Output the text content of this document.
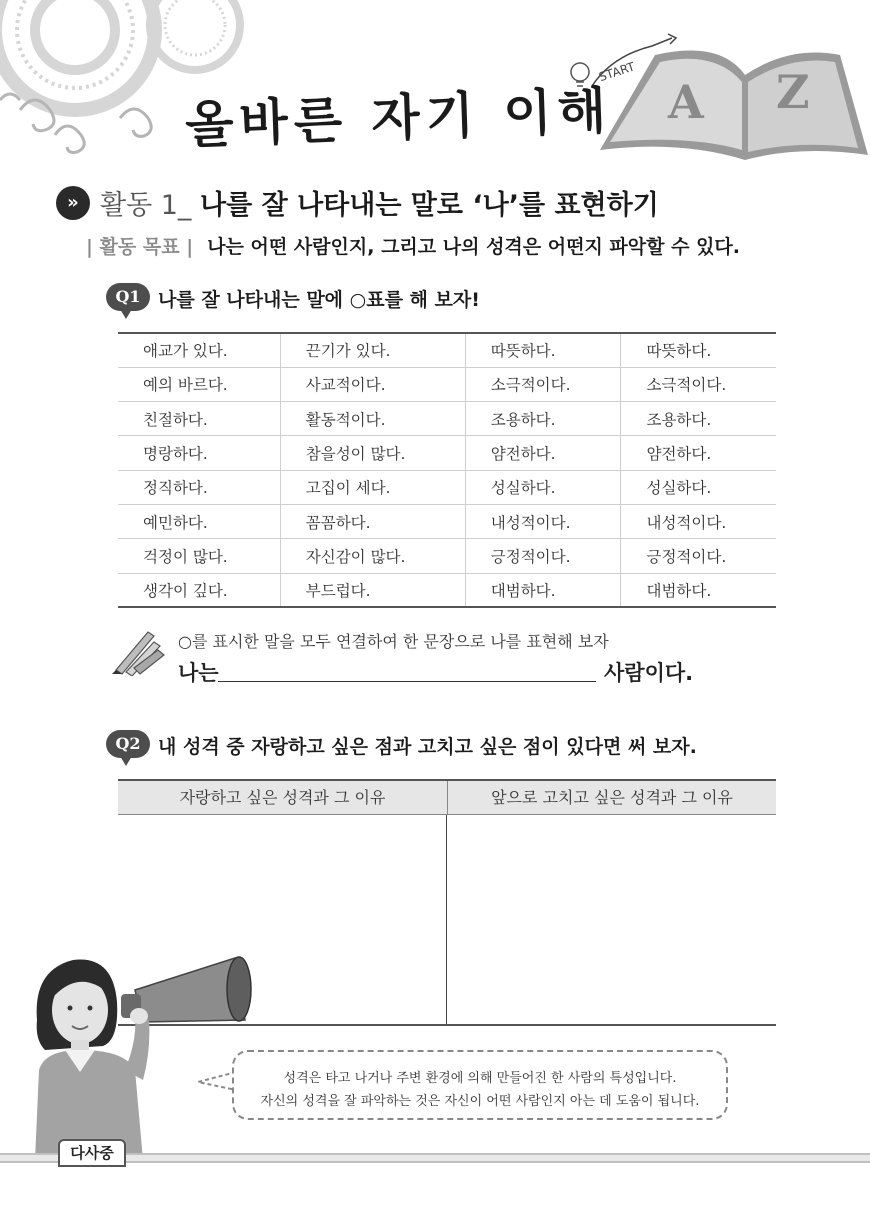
START
A Z
올바른 자기 이해
» 활동 1_ 나를 잘 나타내는 말로 ‘나’를 표현하기
| 활동 목표 | 나는 어떤 사람인지, 그리고 나의 성격은 어떤지 파악할 수 있다.
Q1 나를 잘 나타내는 말에 ○표를 해 보자!
애교가 있다.	끈기가 있다.	따뜻하다.	따뜻하다.
예의 바르다.	사교적이다.	소극적이다.	소극적이다.
친절하다.	활동적이다.	조용하다.	조용하다.
명랑하다.	참을성이 많다.	얌전하다.	얌전하다.
정직하다.	고집이 세다.	성실하다.	성실하다.
예민하다.	꼼꼼하다.	내성적이다.	내성적이다.
걱정이 많다.	자신감이 많다.	긍정적이다.	긍정적이다.
생각이 깊다.	부드럽다.	대범하다.	대범하다.
○를 표시한 말을 모두 연결하여 한 문장으로 나를 표현해 보자
나는	사람이다.
Q2 내 성격 중 자랑하고 싶은 점과 고치고 싶은 점이 있다면 써 보자.
자랑하고 싶은 성격과 그 이유	앞으로 고치고 싶은 성격과 그 이유
성격은 타고 나거나 주변 환경에 의해 만들어진 한 사람의 특성입니다.
자신의 성격을 잘 파악하는 것은 자신이 어떤 사람인지 아는 데 도움이 됩니다.
다사중
